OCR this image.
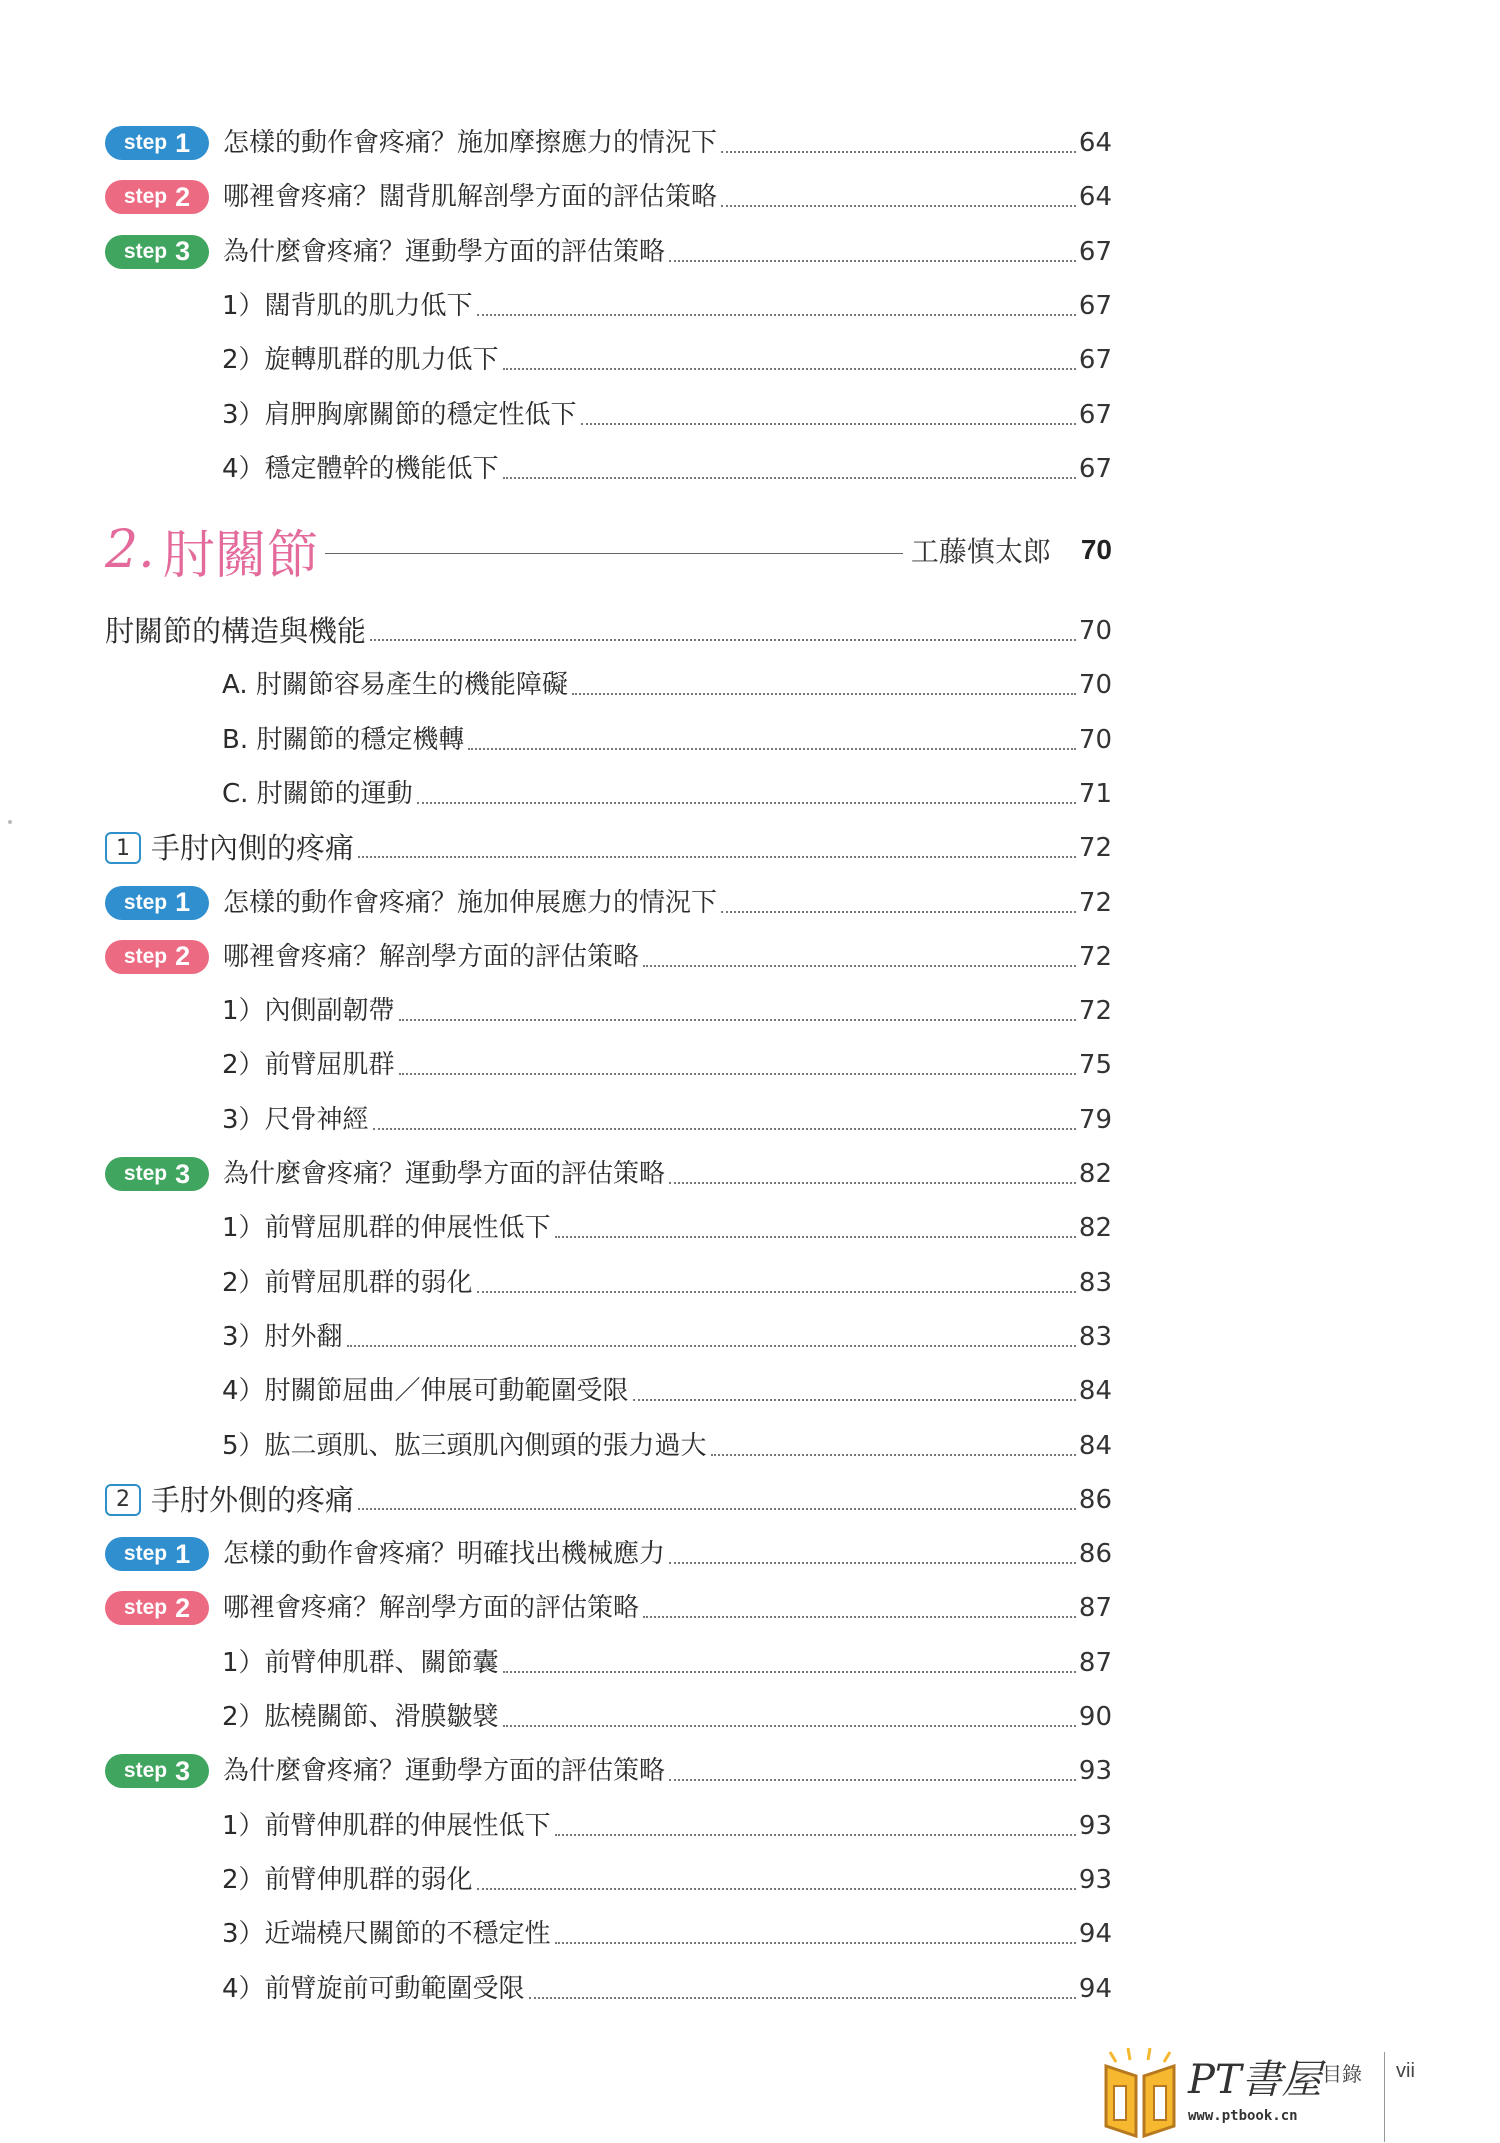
step 1 怎樣的動作會疼痛？施加摩擦應力的情況下	64
step 2 哪裡會疼痛？闊背肌解剖學方面的評估策略	64
step 3 為什麼會疼痛？運動學方面的評估策略	67
1）闊背肌的肌力低下	67
2）旋轉肌群的肌力低下	67
3）肩胛胸廓關節的穩定性低下	67
4）穩定體幹的機能低下	67
2. 肘關節	工藤慎太郎 70
肘關節的構造與機能	70
A. 肘關節容易產生的機能障礙	70
B. 肘關節的穩定機轉	70
C. 肘關節的運動	71
1 手肘內側的疼痛	72
step 1 怎樣的動作會疼痛？施加伸展應力的情況下	72
step 2 哪裡會疼痛？解剖學方面的評估策略	72
1）內側副韌帶	72
2）前臂屈肌群	75
3）尺骨神經	79
step 3 為什麼會疼痛？運動學方面的評估策略	82
1）前臂屈肌群的伸展性低下	82
2）前臂屈肌群的弱化	83
3）肘外翻	83
4）肘關節屈曲／伸展可動範圍受限	84
5）肱二頭肌、肱三頭肌內側頭的張力過大	84
2 手肘外側的疼痛	86
step 1 怎樣的動作會疼痛？明確找出機械應力	86
step 2 哪裡會疼痛？解剖學方面的評估策略	87
1）前臂伸肌群、關節囊	87
2）肱橈關節、滑膜皺襞	90
step 3 為什麼會疼痛？運動學方面的評估策略	93
1）前臂伸肌群的伸展性低下	93
2）前臂伸肌群的弱化	93
3）近端橈尺關節的不穩定性	94
4）前臂旋前可動範圍受限	94
PT書屋
www.ptbook.cn
目錄 vii
